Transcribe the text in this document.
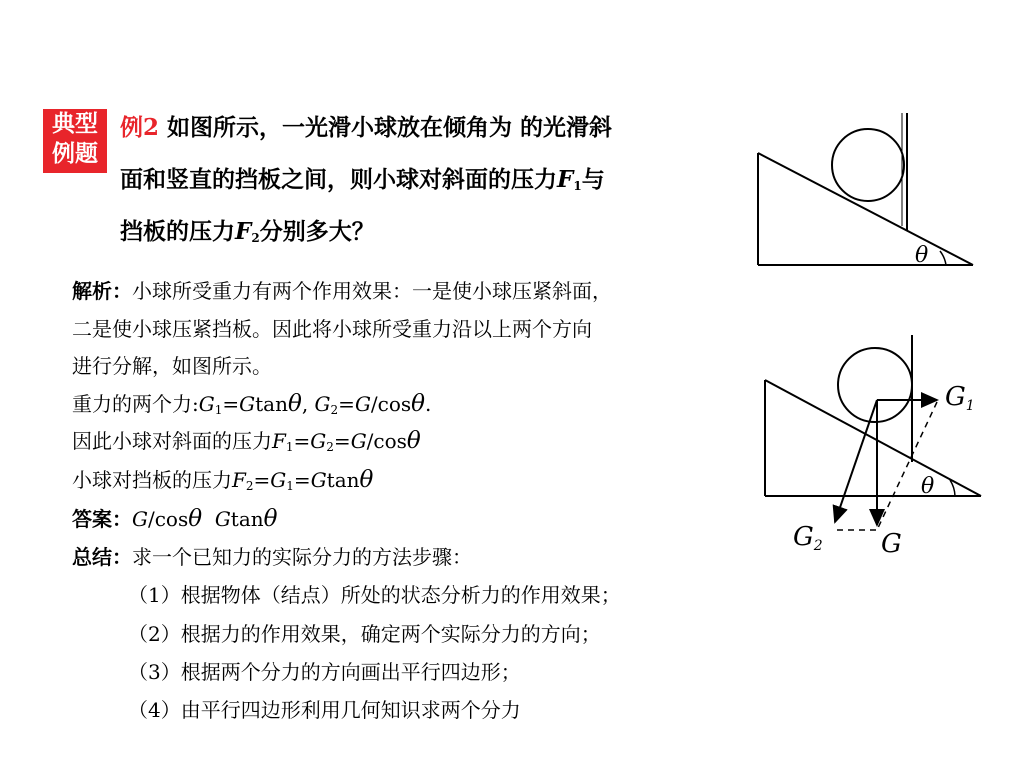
典型
例题
例2 如图所示，一光滑小球放在倾角为 的光滑斜
面和竖直的挡板之间，则小球对斜面的压力$F_1$与
挡板的压力$F_2$分别多大？
θ
解析：小球所受重力有两个作用效果：一是使小球压紧斜面，
二是使小球压紧挡板。因此将小球所受重力沿以上两个方向
进行分解，如图所示。
重力的两个力$:G_1=Gtan\theta$, $G_2=G$/cosθ.
因此小球对斜面的压力$F_1=G_2=G$/cosθ
小球对挡板的压力$F_2=G_1=Gtan\theta$
答案：G/cosθ Gtanθ
总结：求一个已知力的实际分力的方法步骤：
（1）根据物体（结点）所处的状态分析力的作用效果；
（2）根据力的作用效果，确定两个实际分力的方向；
（3）根据两个分力的方向画出平行四边形；
（4）由平行四边形利用几何知识求两个分力
θ
G1
G2 G
